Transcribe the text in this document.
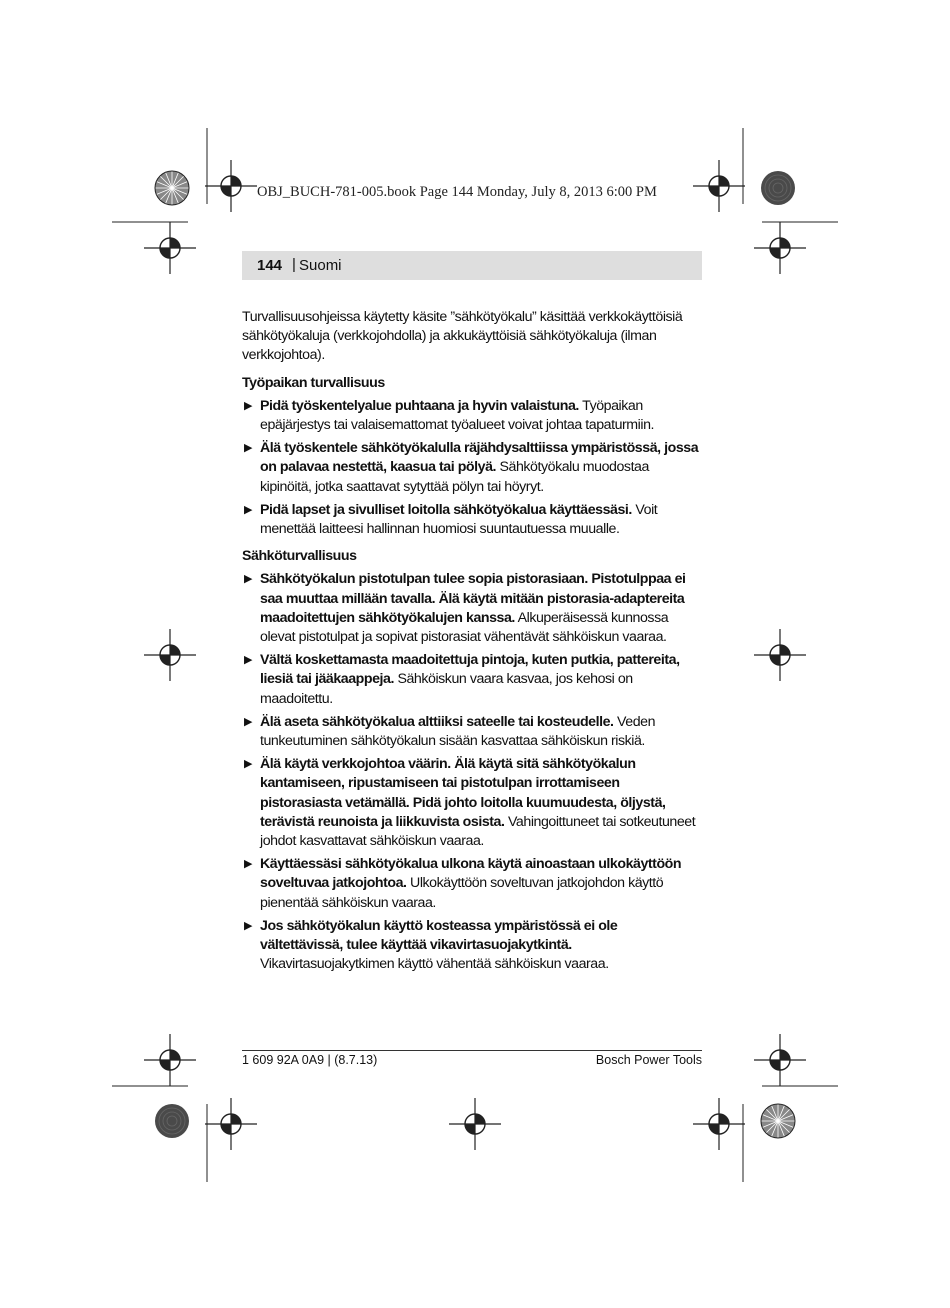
OBJ_BUCH-781-005.book Page 144 Monday, July 8, 2013 6:00 PM
144 | Suomi

Turvallisuusohjeissa käytetty käsite ”sähkötyökalu” käsittää verkkokäyttöisiä sähkötyökaluja (verkkojohdolla) ja akkukäyttöisiä sähkötyökaluja (ilman verkkojohtoa).

Työpaikan turvallisuus

▶ Pidä työskentelyalue puhtaana ja hyvin valaistuna. Työpaikan epäjärjestys tai valaisemattomat työalueet voivat johtaa tapaturmiin.

▶ Älä työskentele sähkötyökalulla räjähdysalttiissa ympäristössä, jossa on palavaa nestettä, kaasua tai pölyä. Sähkötyökalu muodostaa kipinöitä, jotka saattavat sytyttää pölyn tai höyryt.

▶ Pidä lapset ja sivulliset loitolla sähkötyökalua käyttäessäsi. Voit menettää laitteesi hallinnan huomiosi suuntautuessa muualle.

Sähköturvallisuus

▶ Sähkötyökalun pistotulpan tulee sopia pistorasiaan. Pistotulppaa ei saa muuttaa millään tavalla. Älä käytä mitään pistorasia-adaptereita maadoitettujen sähkötyökalujen kanssa. Alkuperäisessä kunnossa olevat pistotulpat ja sopivat pistorasiat vähentävät sähköiskun vaaraa.

▶ Vältä koskettamasta maadoitettuja pintoja, kuten putkia, pattereita, liesiä tai jääkaappeja. Sähköiskun vaara kasvaa, jos kehosi on maadoitettu.

▶ Älä aseta sähkötyökalua alttiiksi sateelle tai kosteudelle. Veden tunkeutuminen sähkötyökalun sisään kasvattaa sähköiskun riskiä.

▶ Älä käytä verkkojohtoa väärin. Älä käytä sitä sähkötyökalun kantamiseen, ripustamiseen tai pistotulpan irrottamiseen pistorasiasta vetämällä. Pidä johto loitolla kuumuudesta, öljystä, terävistä reunoista ja liikkuvista osista. Vahingoittuneet tai sotkeutuneet johdot kasvattavat sähköiskun vaaraa.

▶ Käyttäessäsi sähkötyökalua ulkona käytä ainoastaan ulkokäyttöön soveltuvaa jatkojohtoa. Ulkokäyttöön soveltuvan jatkojohdon käyttö pienentää sähköiskun vaaraa.

▶ Jos sähkötyökalun käyttö kosteassa ympäristössä ei ole vältettävissä, tulee käyttää vikavirtasuojakytkintä. Vikavirtasuojakytkimen käyttö vähentää sähköiskun vaaraa.

1 609 92A 0A9 | (8.7.13)	Bosch Power Tools
